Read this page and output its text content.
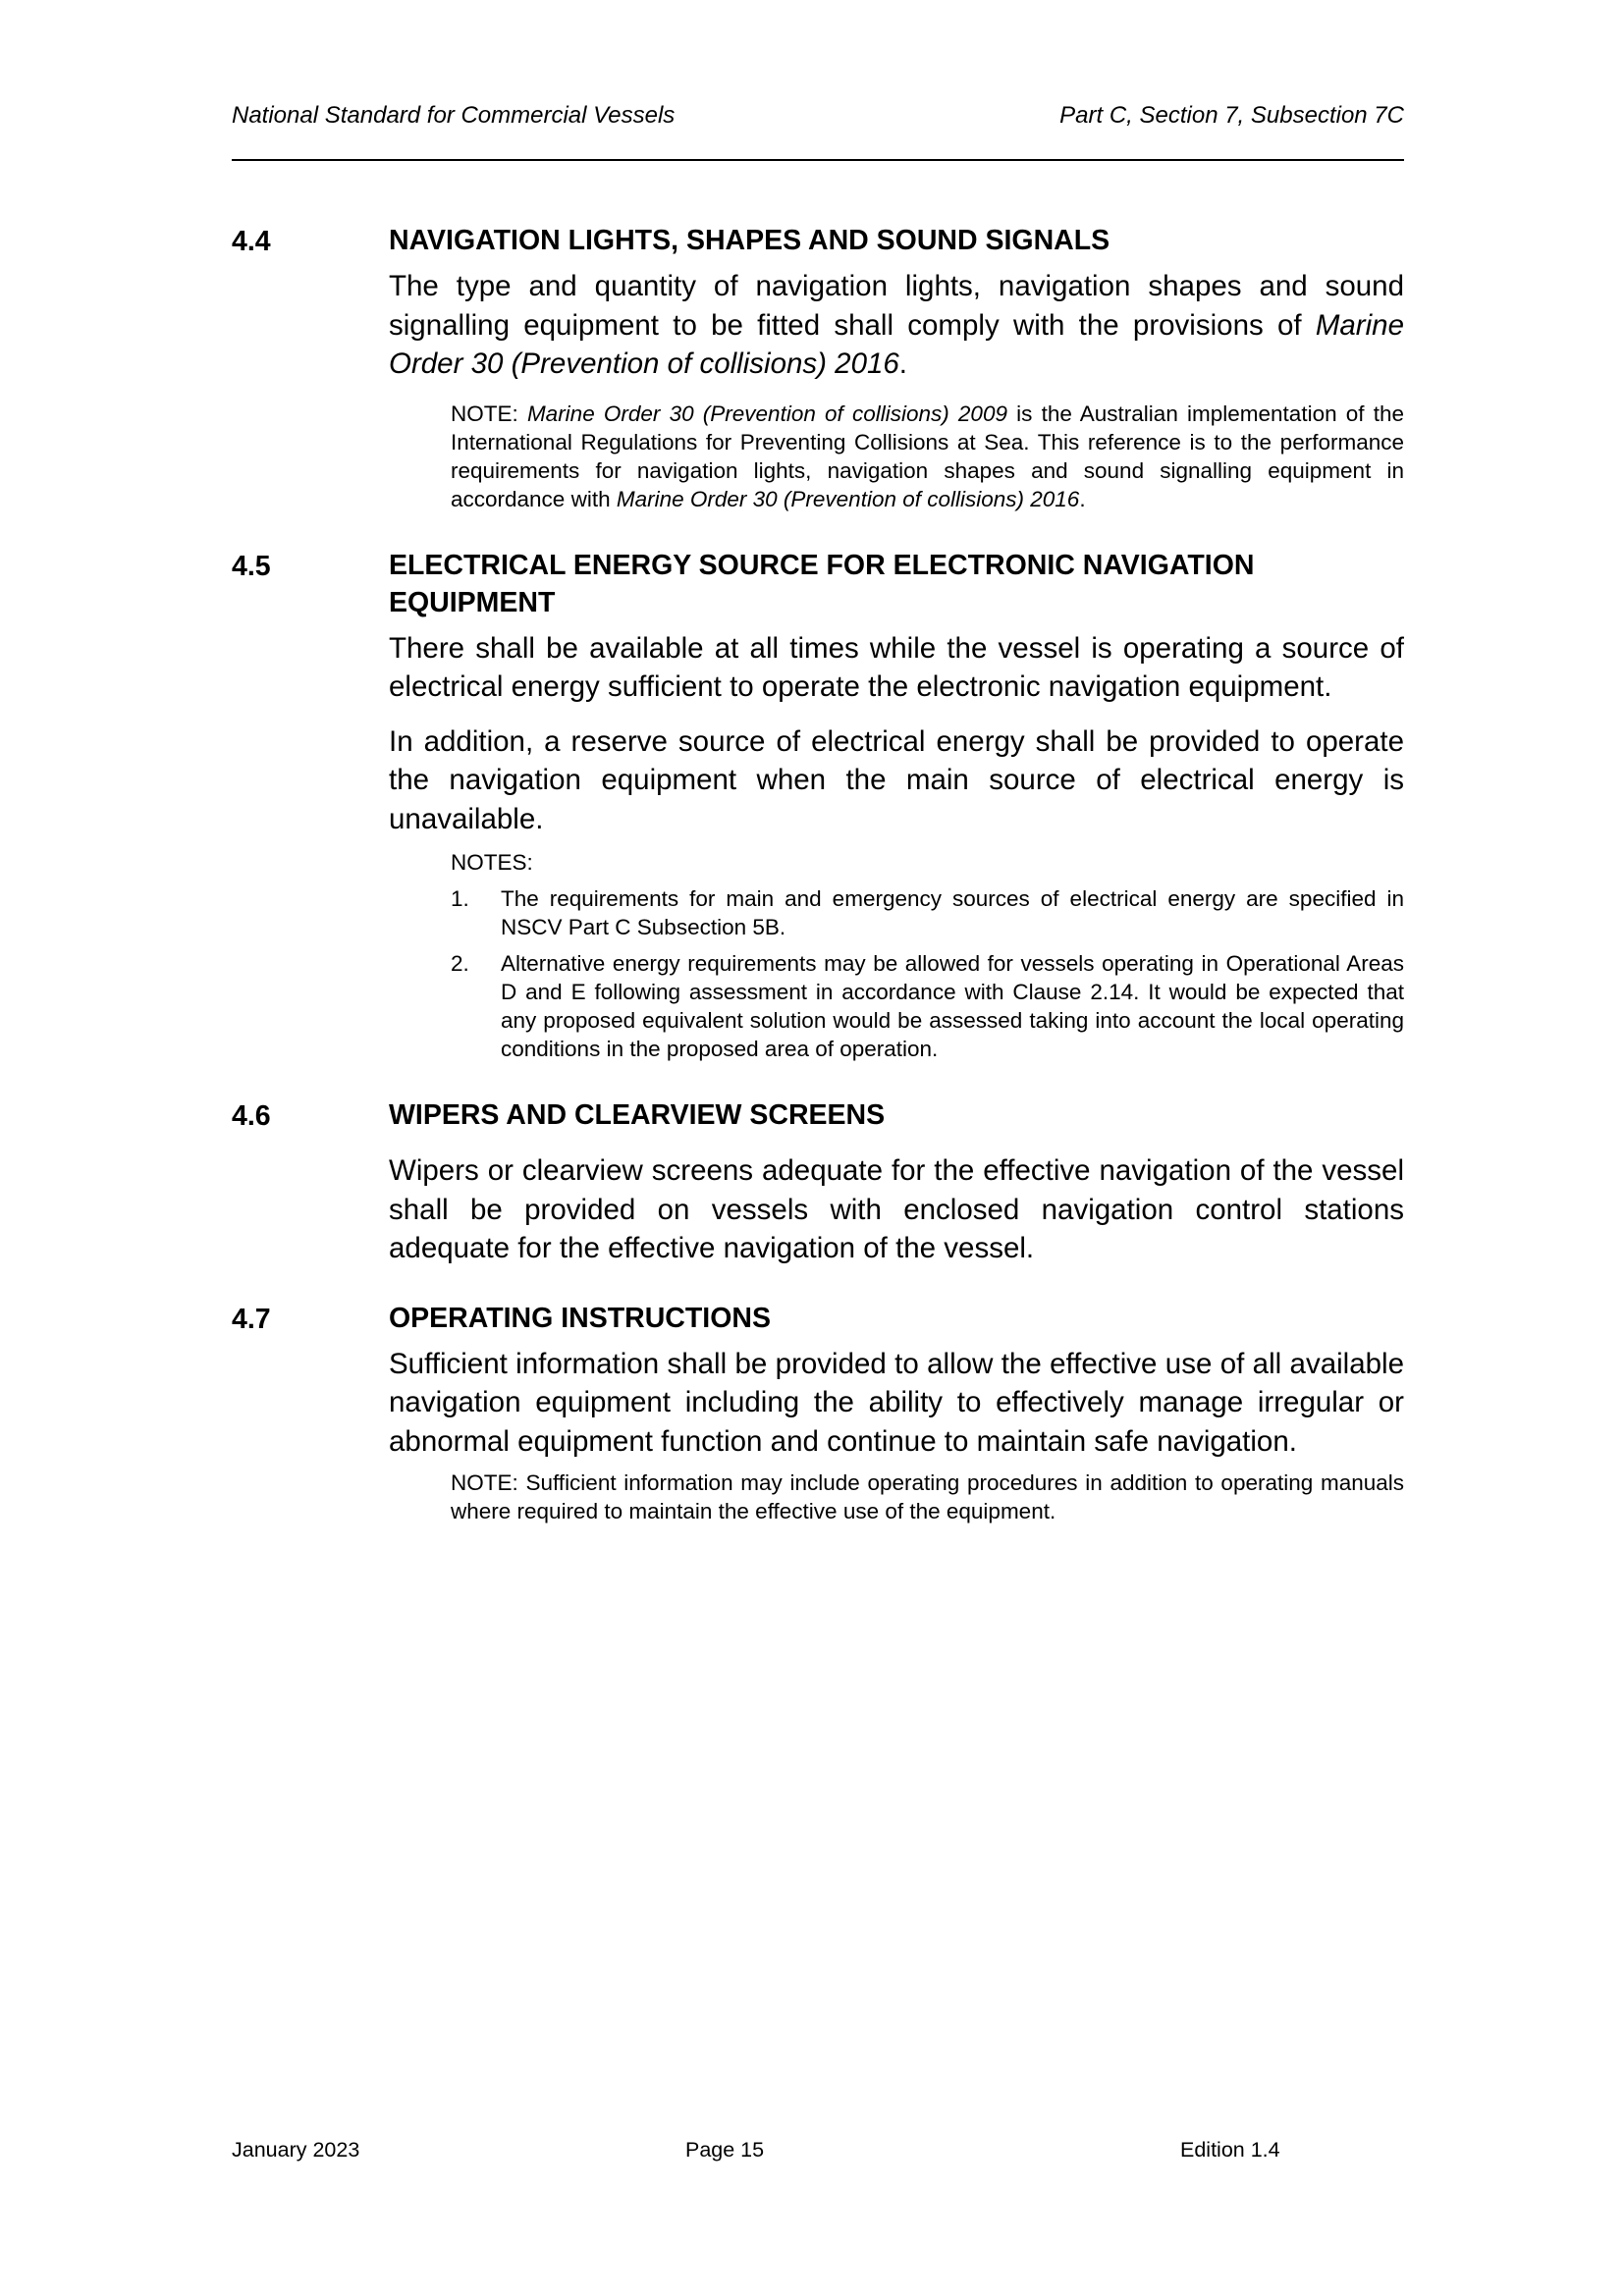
National Standard for Commercial Vessels	Part C, Section 7, Subsection 7C
4.4	NAVIGATION LIGHTS, SHAPES AND SOUND SIGNALS

The type and quantity of navigation lights, navigation shapes and sound signalling equipment to be fitted shall comply with the provisions of Marine Order 30 (Prevention of collisions) 2016.

NOTE: Marine Order 30 (Prevention of collisions) 2009 is the Australian implementation of the International Regulations for Preventing Collisions at Sea. This reference is to the performance requirements for navigation lights, navigation shapes and sound signalling equipment in accordance with Marine Order 30 (Prevention of collisions) 2016.
4.5	ELECTRICAL ENERGY SOURCE FOR ELECTRONIC NAVIGATION EQUIPMENT

There shall be available at all times while the vessel is operating a source of electrical energy sufficient to operate the electronic navigation equipment.

In addition, a reserve source of electrical energy shall be provided to operate the navigation equipment when the main source of electrical energy is unavailable.

NOTES:
1. The requirements for main and emergency sources of electrical energy are specified in NSCV Part C Subsection 5B.
2. Alternative energy requirements may be allowed for vessels operating in Operational Areas D and E following assessment in accordance with Clause 2.14. It would be expected that any proposed equivalent solution would be assessed taking into account the local operating conditions in the proposed area of operation.
4.6	WIPERS AND CLEARVIEW SCREENS

Wipers or clearview screens adequate for the effective navigation of the vessel shall be provided on vessels with enclosed navigation control stations adequate for the effective navigation of the vessel.

4.7	OPERATING INSTRUCTIONS

Sufficient information shall be provided to allow the effective use of all available navigation equipment including the ability to effectively manage irregular or abnormal equipment function and continue to maintain safe navigation.

NOTE: Sufficient information may include operating procedures in addition to operating manuals where required to maintain the effective use of the equipment.
January 2023	Page 15	Edition 1.4
